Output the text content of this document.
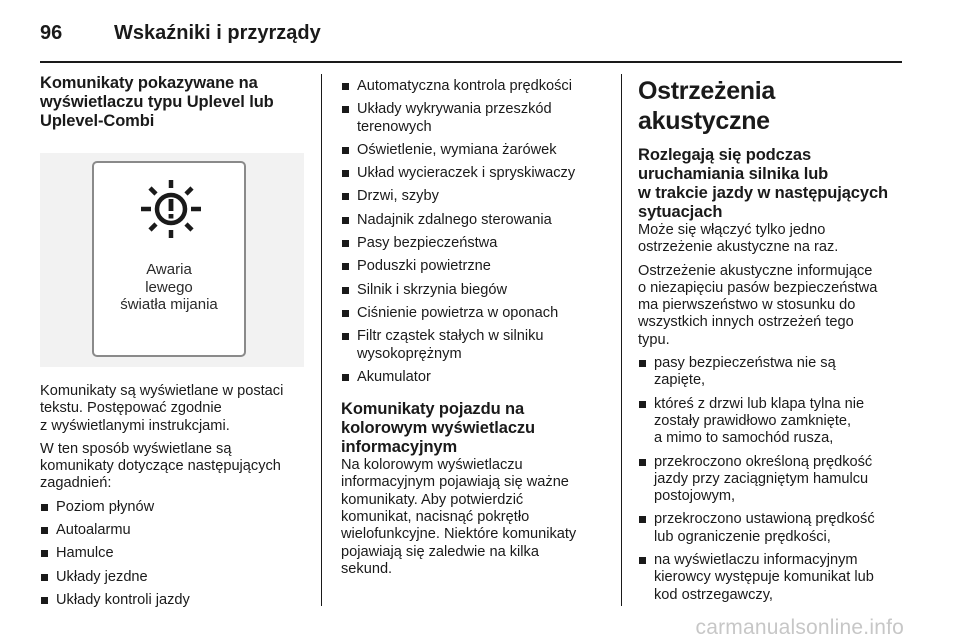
96	Wskaźniki i przyrządy
Komunikaty pokazywane na
wyświetlaczu typu Uplevel lub
Uplevel-Combi
Awaria
lewego
światła mijania

Komunikaty są wyświetlane w postaci
tekstu. Postępować zgodnie
z wyświetlanymi instrukcjami.

W ten sposób wyświetlane są
komunikaty dotyczące następujących
zagadnień:

Poziom płynów
Autoalarmu
Hamulce
Układy jezdne
Układy kontroli jazdy
Automatyczna kontrola prędkości
Układy wykrywania przeszkód
terenowych
Oświetlenie, wymiana żarówek
Układ wycieraczek i spryskiwaczy
Drzwi, szyby
Nadajnik zdalnego sterowania
Pasy bezpieczeństwa
Poduszki powietrzne
Silnik i skrzynia biegów
Ciśnienie powietrza w oponach
Filtr cząstek stałych w silniku
wysokoprężnym
Akumulator
Komunikaty pojazdu na
kolorowym wyświetlaczu
informacyjnym

Na kolorowym wyświetlaczu
informacyjnym pojawiają się ważne
komunikaty. Aby potwierdzić
komunikat, nacisnąć pokrętło
wielofunkcyjne. Niektóre komunikaty
pojawiają się zaledwie na kilka
sekund.

Ostrzeżenia akustyczne
Rozlegają się podczas
uruchamiania silnika lub
w trakcie jazdy w następujących
sytuacjach

Może się włączyć tylko jedno
ostrzeżenie akustyczne na raz.

Ostrzeżenie akustyczne informujące
o niezapięciu pasów bezpieczeństwa
ma pierwszeństwo w stosunku do
wszystkich innych ostrzeżeń tego
typu.

pasy bezpieczeństwa nie są
zapięte,
któreś z drzwi lub klapa tylna nie
zostały prawidłowo zamknięte,
a mimo to samochód rusza,
przekroczono określoną prędkość
jazdy przy zaciągniętym hamulcu
postojowym,
przekroczono ustawioną prędkość
lub ograniczenie prędkości,
na wyświetlaczu informacyjnym
kierowcy występuje komunikat lub
kod ostrzegawczy,
carmanualsonline.info
